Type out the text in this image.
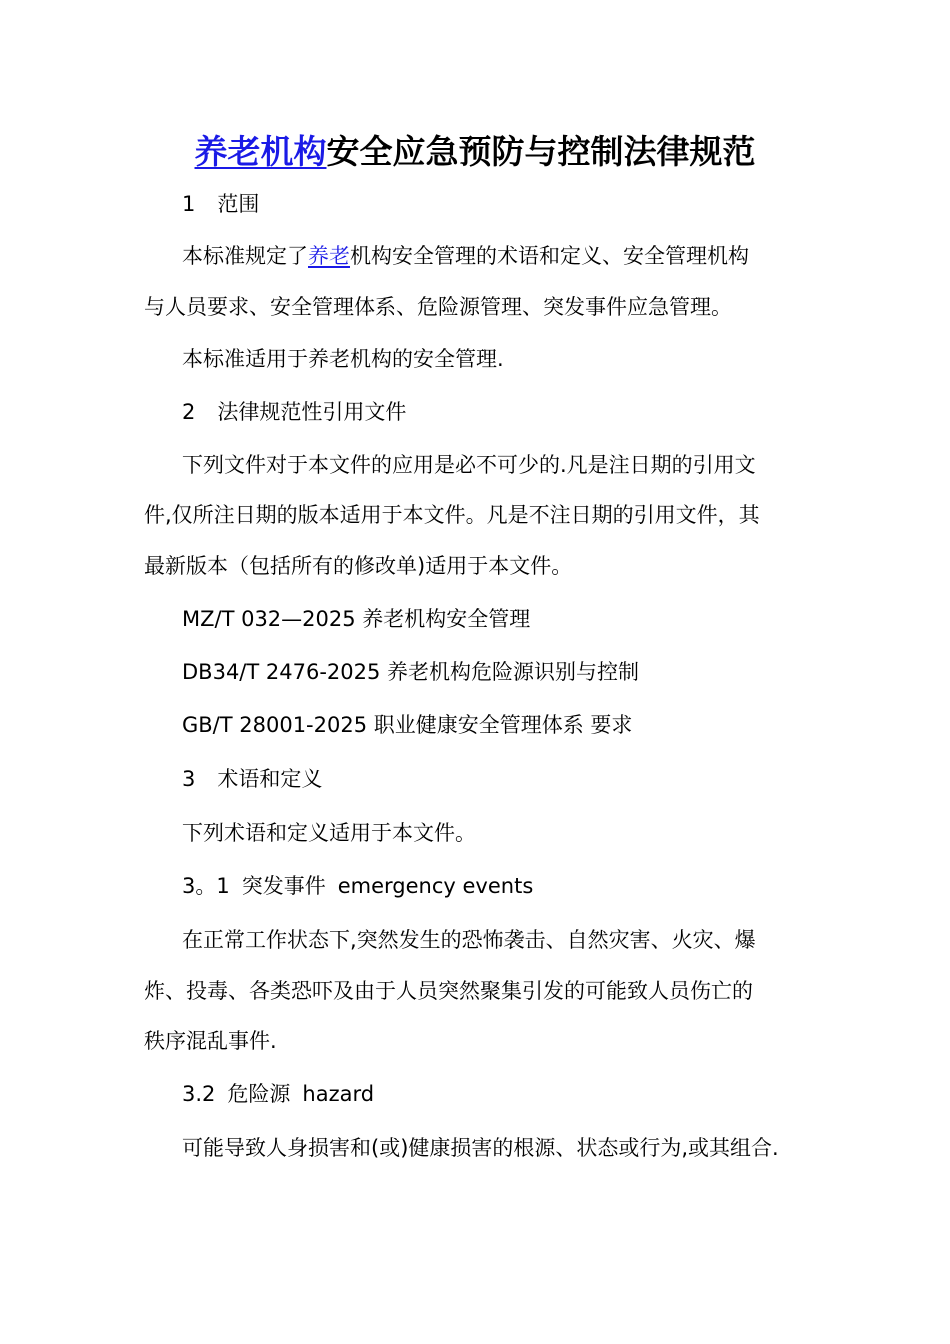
养老机构安全应急预防与控制法律规范
1 范围
本标准规定了养老机构安全管理的术语和定义、安全管理机构
与人员要求、安全管理体系、危险源管理、突发事件应急管理。
本标准适用于养老机构的安全管理.
2 法律规范性引用文件
下列文件对于本文件的应用是必不可少的.凡是注日期的引用文
件,仅所注日期的版本适用于本文件。凡是不注日期的引用文件，其
最新版本（包括所有的修改单)适用于本文件。
MZ/T 032—2025 养老机构安全管理
DB34/T 2476-2025 养老机构危险源识别与控制
GB/T 28001-2025 职业健康安全管理体系 要求
3 术语和定义
下列术语和定义适用于本文件。
3。1 突发事件 emergency events
在正常工作状态下,突然发生的恐怖袭击、自然灾害、火灾、爆
炸、投毒、各类恐吓及由于人员突然聚集引发的可能致人员伤亡的
秩序混乱事件.
3.2 危险源 hazard
可能导致人身损害和(或)健康损害的根源、状态或行为,或其组合.
